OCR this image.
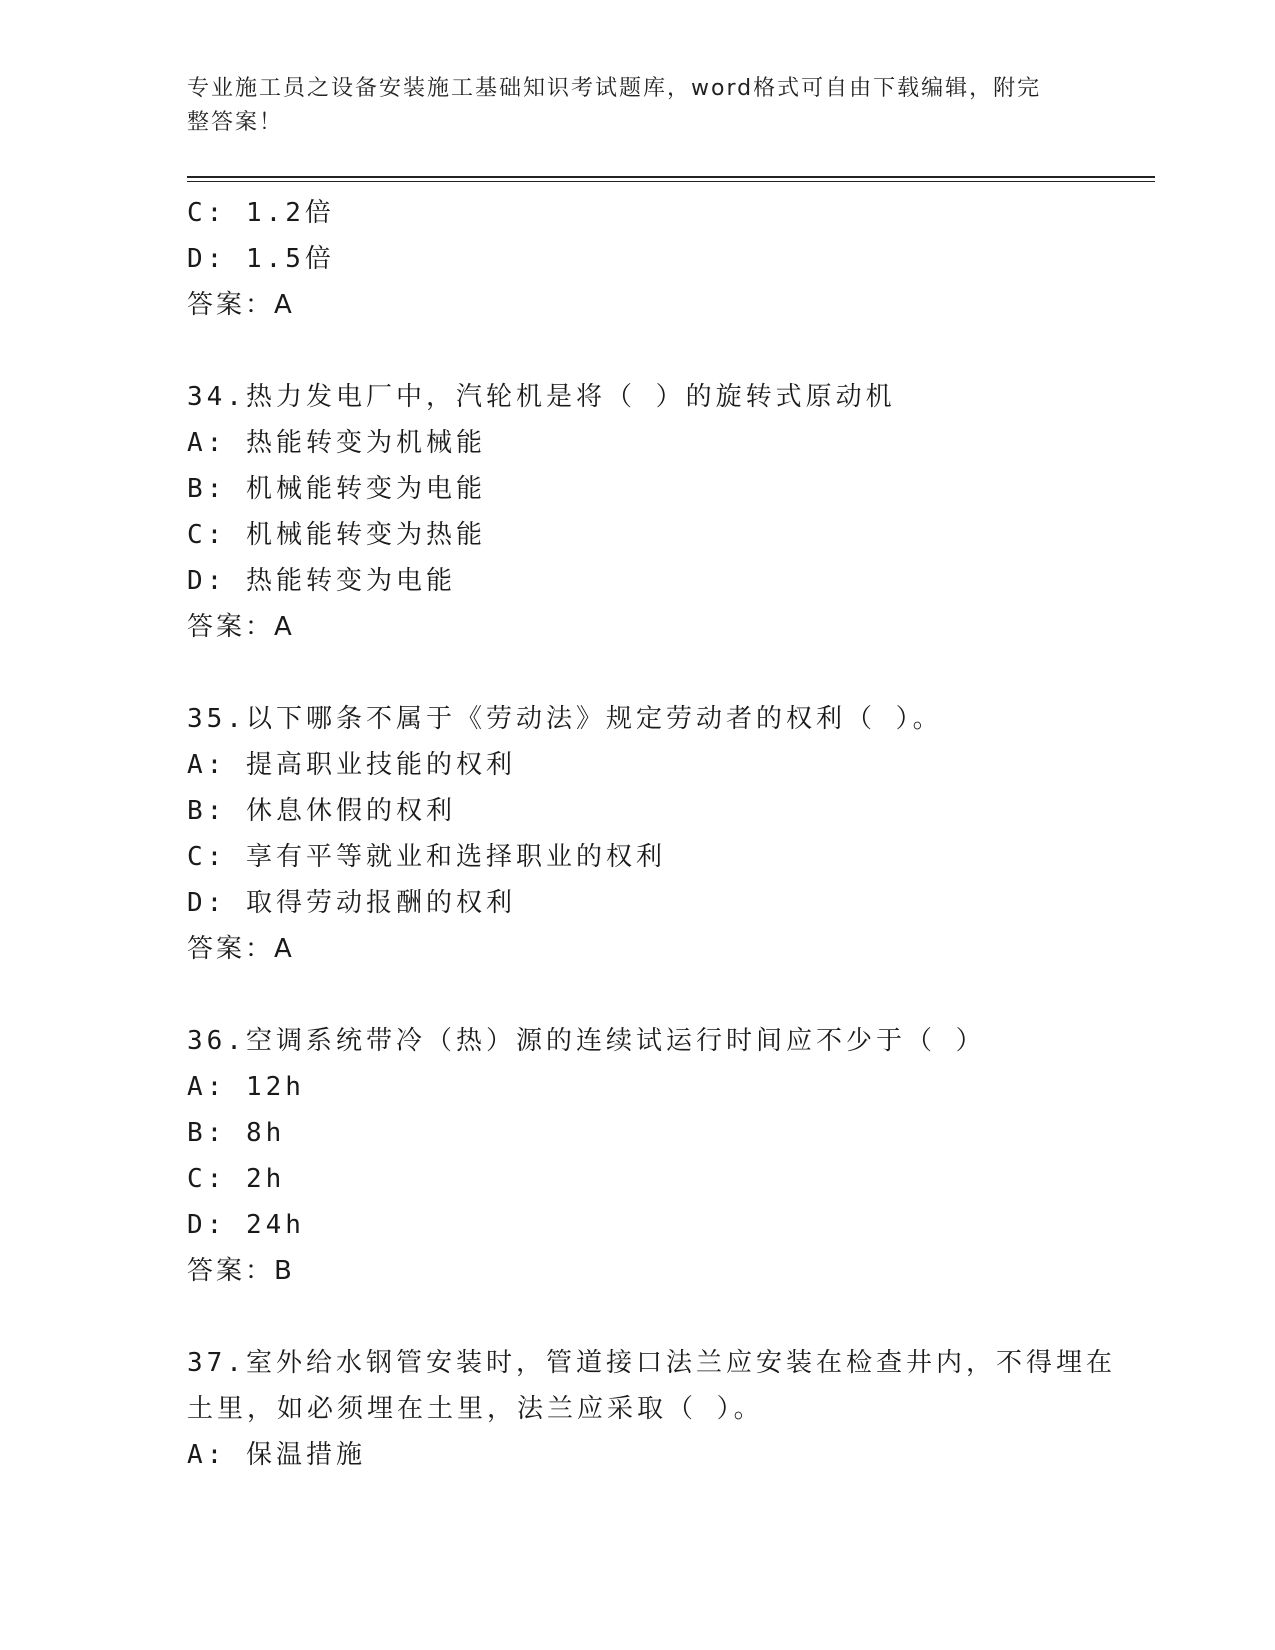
专业施工员之设备安装施工基础知识考试题库，word格式可自由下载编辑，附完
整答案！
C: 1.2倍
D: 1.5倍
答案：A
34.热力发电厂中，汽轮机是将（ ）的旋转式原动机
A: 热能转变为机械能
B: 机械能转变为电能
C: 机械能转变为热能
D: 热能转变为电能
答案：A
35.以下哪条不属于《劳动法》规定劳动者的权利（ ）。
A: 提高职业技能的权利
B: 休息休假的权利
C: 享有平等就业和选择职业的权利
D: 取得劳动报酬的权利
答案：A
36.空调系统带冷（热）源的连续试运行时间应不少于（ ）
A: 12h
B: 8h
C: 2h
D: 24h
答案：B
37.室外给水钢管安装时，管道接口法兰应安装在检查井内，不得埋在
土里，如必须埋在土里，法兰应采取（ ）。
A: 保温措施
